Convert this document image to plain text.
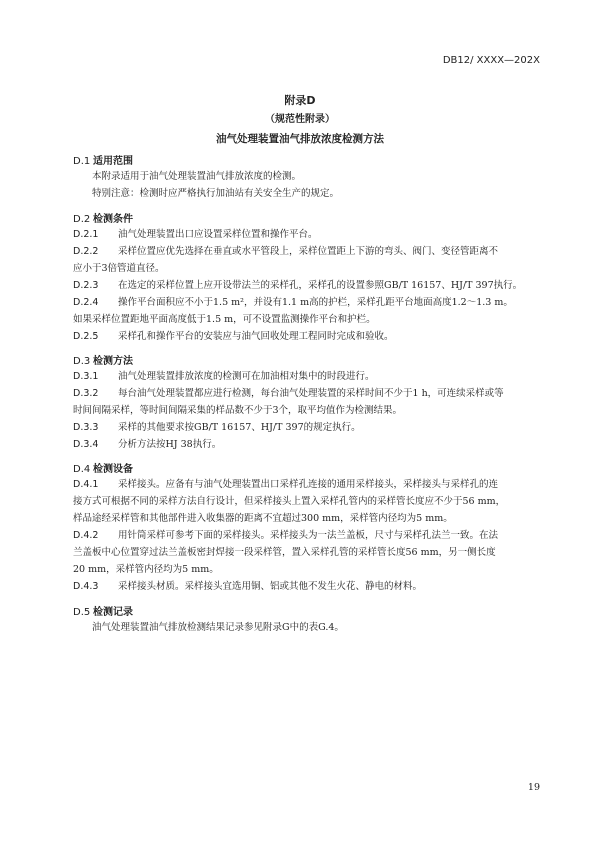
DB12/ XXXX—202X
附录D
（规范性附录）
油气处理装置油气排放浓度检测方法
D.1 适用范围
本附录适用于油气处理装置油气排放浓度的检测。
特别注意：检测时应严格执行加油站有关安全生产的规定。
D.2 检测条件
D.2.1 油气处理装置出口应设置采样位置和操作平台。
D.2.2 采样位置应优先选择在垂直或水平管段上，采样位置距上下游的弯头、阀门、变径管距离不
应小于3倍管道直径。
D.2.3 在选定的采样位置上应开设带法兰的采样孔，采样孔的设置参照GB/T 16157、HJ/T 397执行。
D.2.4 操作平台面积应不小于1.5 m²，并设有1.1 m高的护栏，采样孔距平台地面高度1.2～1.3 m。
如果采样位置距地平面高度低于1.5 m，可不设置监测操作平台和护栏。
D.2.5 采样孔和操作平台的安装应与油气回收处理工程同时完成和验收。
D.3 检测方法
D.3.1 油气处理装置排放浓度的检测可在加油相对集中的时段进行。
D.3.2 每台油气处理装置都应进行检测，每台油气处理装置的采样时间不少于1 h，可连续采样或等
时间间隔采样，等时间间隔采集的样品数不少于3个，取平均值作为检测结果。
D.3.3 采样的其他要求按GB/T 16157、HJ/T 397的规定执行。
D.3.4 分析方法按HJ 38执行。
D.4 检测设备
D.4.1 采样接头。应备有与油气处理装置出口采样孔连接的通用采样接头，采样接头与采样孔的连
接方式可根据不同的采样方法自行设计，但采样接头上置入采样孔管内的采样管长度应不少于56 mm，
样品途经采样管和其他部件进入收集器的距离不宜超过300 mm，采样管内径均为5 mm。
D.4.2 用针筒采样可参考下面的采样接头。采样接头为一法兰盖板，尺寸与采样孔法兰一致。在法
兰盖板中心位置穿过法兰盖板密封焊接一段采样管，置入采样孔管的采样管长度56 mm，另一侧长度
20 mm，采样管内径均为5 mm。
D.4.3 采样接头材质。采样接头宜选用铜、铝或其他不发生火花、静电的材料。
D.5 检测记录
油气处理装置油气排放检测结果记录参见附录G中的表G.4。
19
